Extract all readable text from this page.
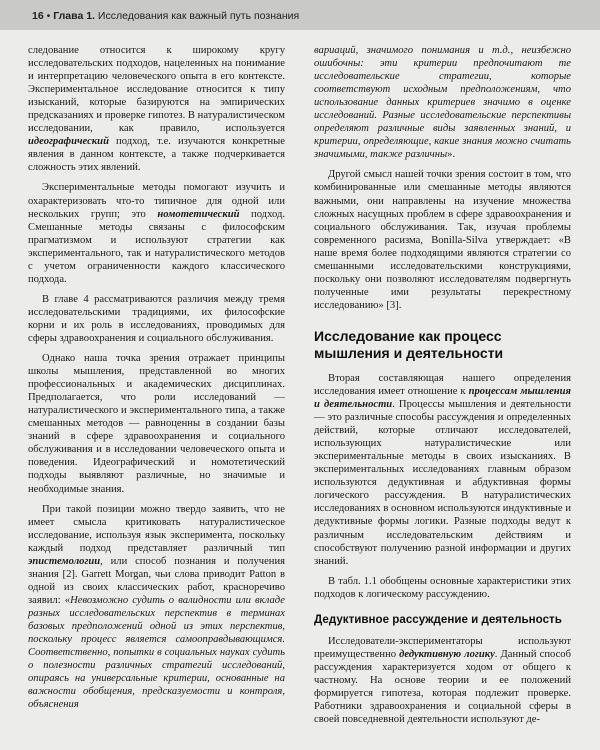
16 • Глава 1. Исследования как важный путь познания

следование относится к широкому кругу исследовательских подходов, нацеленных на понимание и интерпретацию человеческого опыта в его контексте. Экспериментальное исследование относится к типу изысканий, которые базируются на эмпирических предсказаниях и проверке гипотез. В натуралистическом исследовании, как правило, используется идеографический подход, т.е. изучаются конкретные явления в данном контексте, а также подчеркивается сложность этих явлений.

Экспериментальные методы помогают изучить и охарактеризовать что-то типичное для одной или нескольких групп; это номотетический подход. Смешанные методы связаны с философским прагматизмом и используют стратегии как экспериментального, так и натуралистического методов с учетом ограниченности каждого классического подхода.

В главе 4 рассматриваются различия между тремя исследовательскими традициями, их философские корни и их роль в исследованиях, проводимых для сферы здравоохранения и социального обслуживания.

Однако наша точка зрения отражает принципы школы мышления, представленной во многих профессиональных и академических дисциплинах. Предполагается, что роли исследований — натуралистического и экспериментального типа, а также смешанных методов — равноценны в создании базы знаний в сфере здравоохранения и социального обслуживания и в исследовании человеческого опыта и поведения. Идеографический и номотетический подходы выявляют различные, но значимые и необходимые знания.

При такой позиции можно твердо заявить, что не имеет смысла критиковать натуралистическое исследование, используя язык эксперимента, поскольку каждый подход представляет различный тип эпистемологии, или способ познания и получения знания [2]. Garrett Morgan, чьи слова приводит Patton в одной из своих классических работ, красноречиво заявил: «Невозможно судить о валидности или вкладе разных исследовательских перспектив в терминах базовых предположений одной из этих перспектив, поскольку процесс является самооправдывающимся. Соответственно, попытки в социальных науках судить о полезности различных стратегий исследований, опираясь на универсальные критерии, основанные на важности обобщения, предсказуемости и контроля, объяснения

вариаций, значимого понимания и т.д., неизбежно ошибочны: эти критерии предпочитают те исследовательские стратегии, которые соответствуют исходным предположениям, что использование данных критериев значимо в оценке исследований. Разные исследовательские перспективы определяют различные виды заявленных знаний, и критерии, определяющие, какие знания можно считать значимыми, также различны».

Другой смысл нашей точки зрения состоит в том, что комбинированные или смешанные методы являются важными, они направлены на изучение множества сложных насущных проблем в сфере здравоохранения и социального обслуживания. Так, изучая проблемы современного расизма, Bonilla-Silva утверждает: «В наше время более подходящими являются стратегии со смешанными исследовательскими конструкциями, поскольку они позволяют исследователям подвергнуть полученные ими результаты перекрестному исследованию» [3].

Исследование как процесс мышления и деятельности

Вторая составляющая нашего определения исследования имеет отношение к процессам мышления и деятельности. Процессы мышления и деятельности — это различные способы рассуждения и определенных действий, которые отличают исследователей, использующих натуралистические или экспериментальные методы в своих изысканиях. В экспериментальных исследованиях главным образом используются дедуктивная и абдуктивная формы логического рассуждения. В натуралистических исследованиях в основном используются индуктивные и дедуктивные формы логики. Разные подходы ведут к различным исследовательским действиям и способствуют получению разной информации и других знаний.

В табл. 1.1 обобщены основные характеристики этих подходов к логическому рассуждению.

Дедуктивное рассуждение и деятельность

Исследователи-экспериментаторы используют преимущественно дедуктивную логику. Данный способ рассуждения характеризуется ходом от общего к частному. На основе теории и ее положений формируется гипотеза, которая подлежит проверке. Работники здравоохранения и социальной сферы в своей повседневной деятельности используют де-
